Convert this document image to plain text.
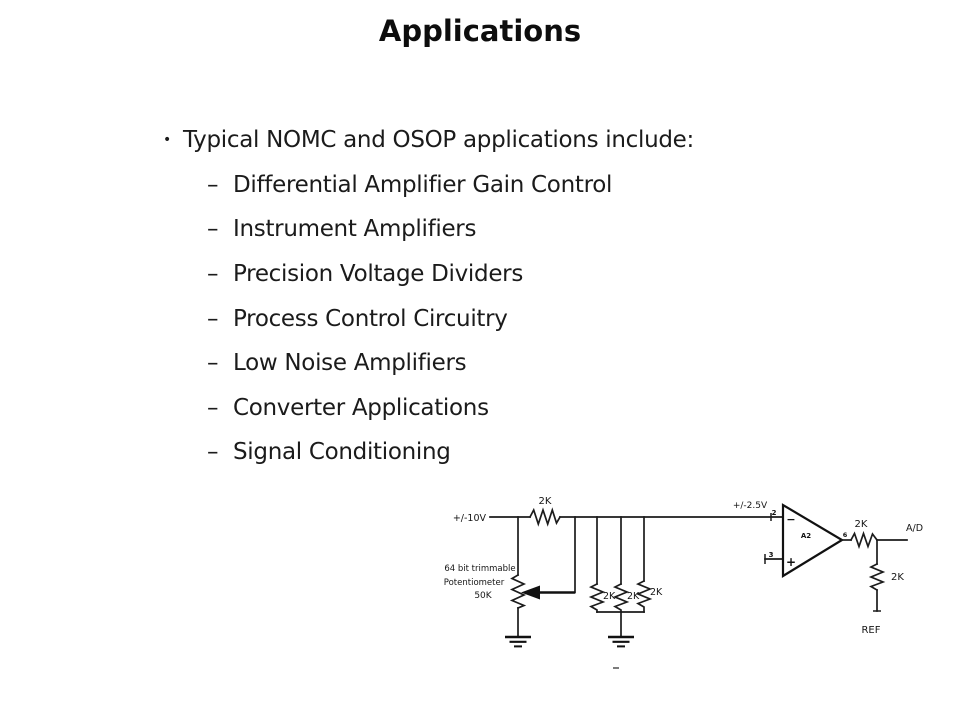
Applications
• Typical NOMC and OSOP applications include:
– Differential Amplifier Gain Control
– Instrument Amplifiers
– Precision Voltage Dividers
– Process Control Circuitry
– Low Noise Amplifiers
– Converter Applications
– Signal Conditioning
+/-10V
2K
64 bit trimmable
Potentiometer
50K	2K 2K 2K
+/-2.5V
2
3
−
+
A2	6
2K	A/D
2K
REF
